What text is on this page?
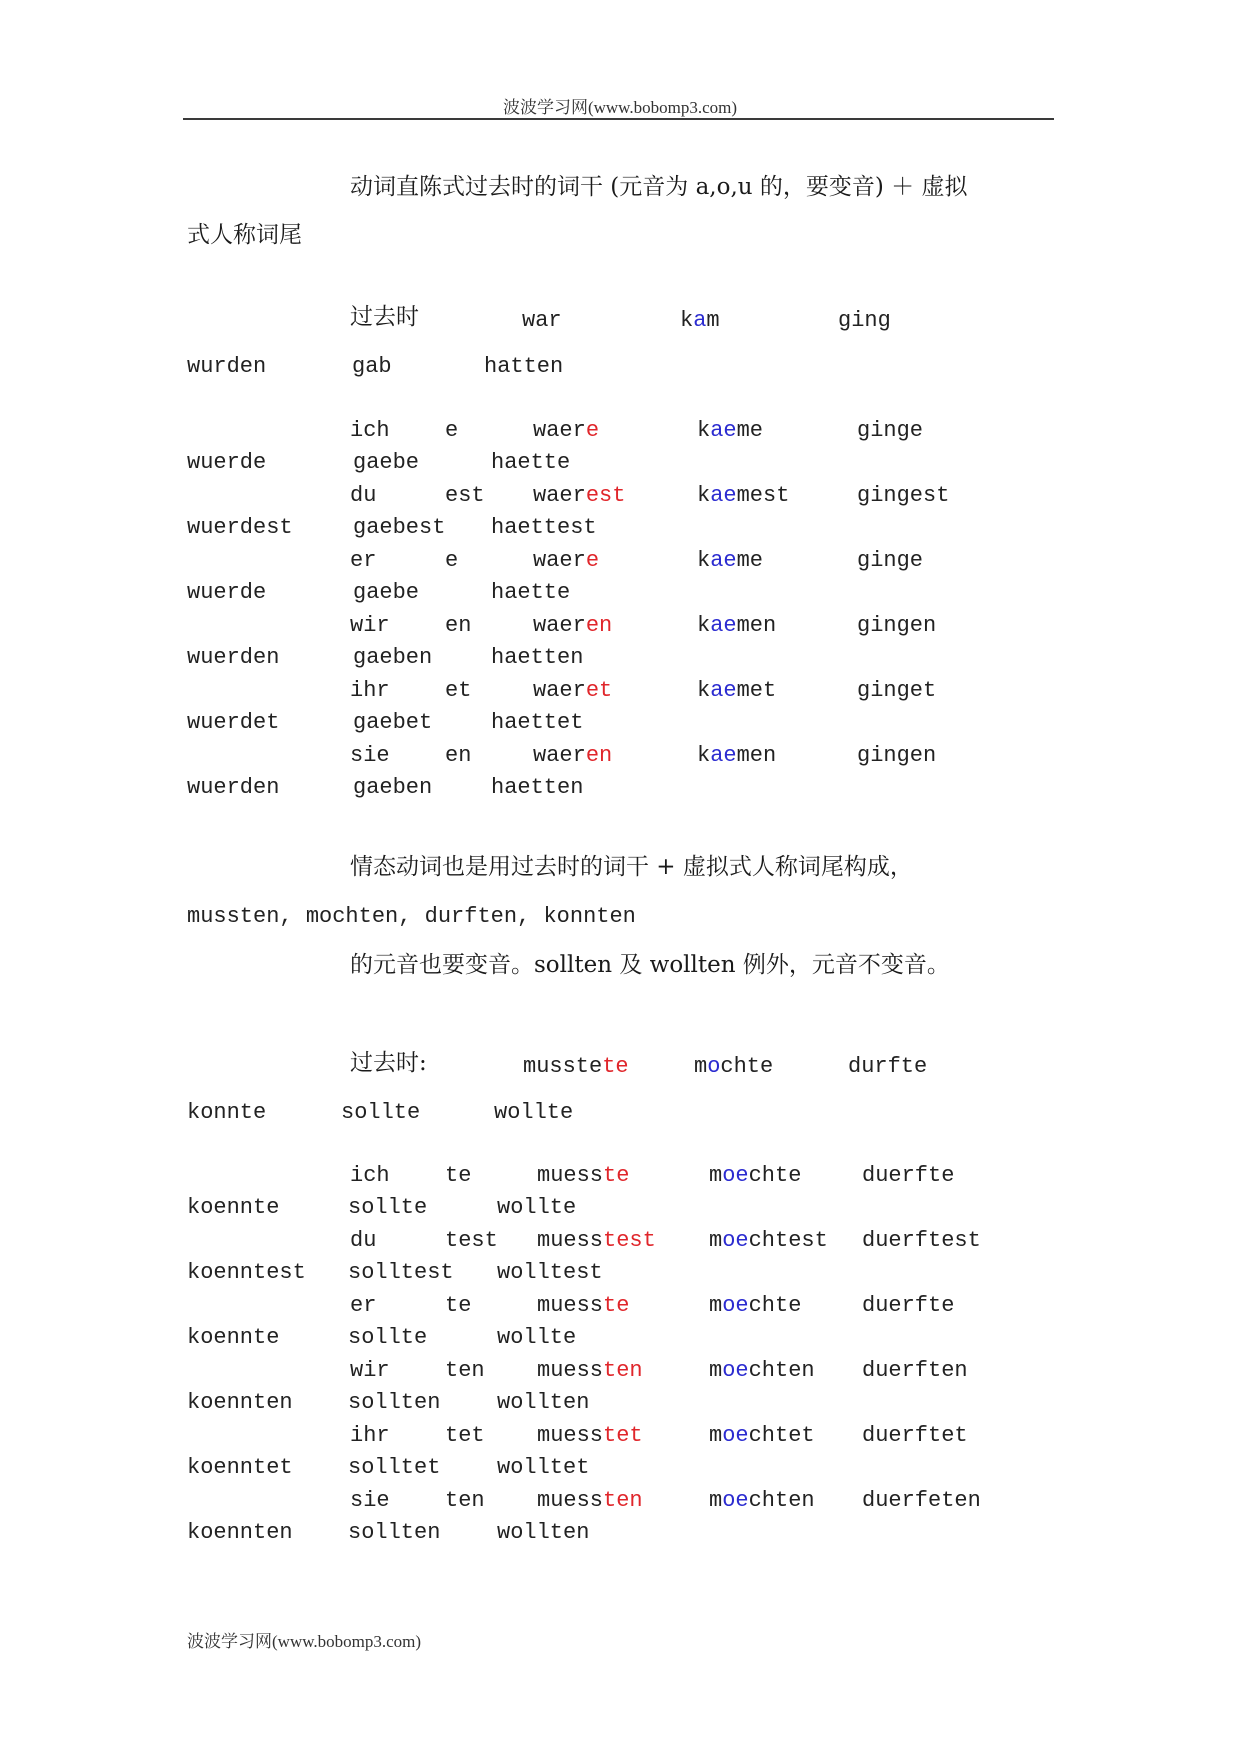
波波学习网(www.bobomp3.com)
动词直陈式过去时的词干 (元音为 a,o,u 的，要变音) ＋ 虚拟
式人称词尾
过去时	war	kam	ging
wurden	gab	hatten
ich	e	waere	kaeme	ginge
wuerde	gaebe	haette
du	est waerest	kaemest	gingest
wuerdest	gaebest haettest
er	e	waere	kaeme	ginge
wuerde	gaebe	haette
wir	en	waeren	kaemen	gingen
wuerden	gaeben	haetten
ihr	et	waeret	kaemet	ginget
wuerdet	gaebet	haettet
sie	en	waeren	kaemen	gingen
wuerden	gaeben	haetten
情态动词也是用过去时的词干 + 虚拟式人称词尾构成，
mussten, mochten, durften, konnten
的元音也要变音。sollten 及 wollten 例外，元音不变音。
过去时:	musstete	mochte	durfte
konnte	sollte	wollte
ich	te	muesste	moechte	duerfte
koennte	sollte	wollte
du	test muesstest moechtest duerftest
koenntest solltest wolltest
er	te	muesste	moechte	duerfte
koennte	sollte	wollte
wir	ten muessten	moechten duerften
koennten	sollten	wollten
ihr	tet muesstet	moechtet duerftet
koenntet	solltet	wolltet
sie	ten muessten	moechten duerfeten
koennten	sollten	wollten
波波学习网(www.bobomp3.com)
